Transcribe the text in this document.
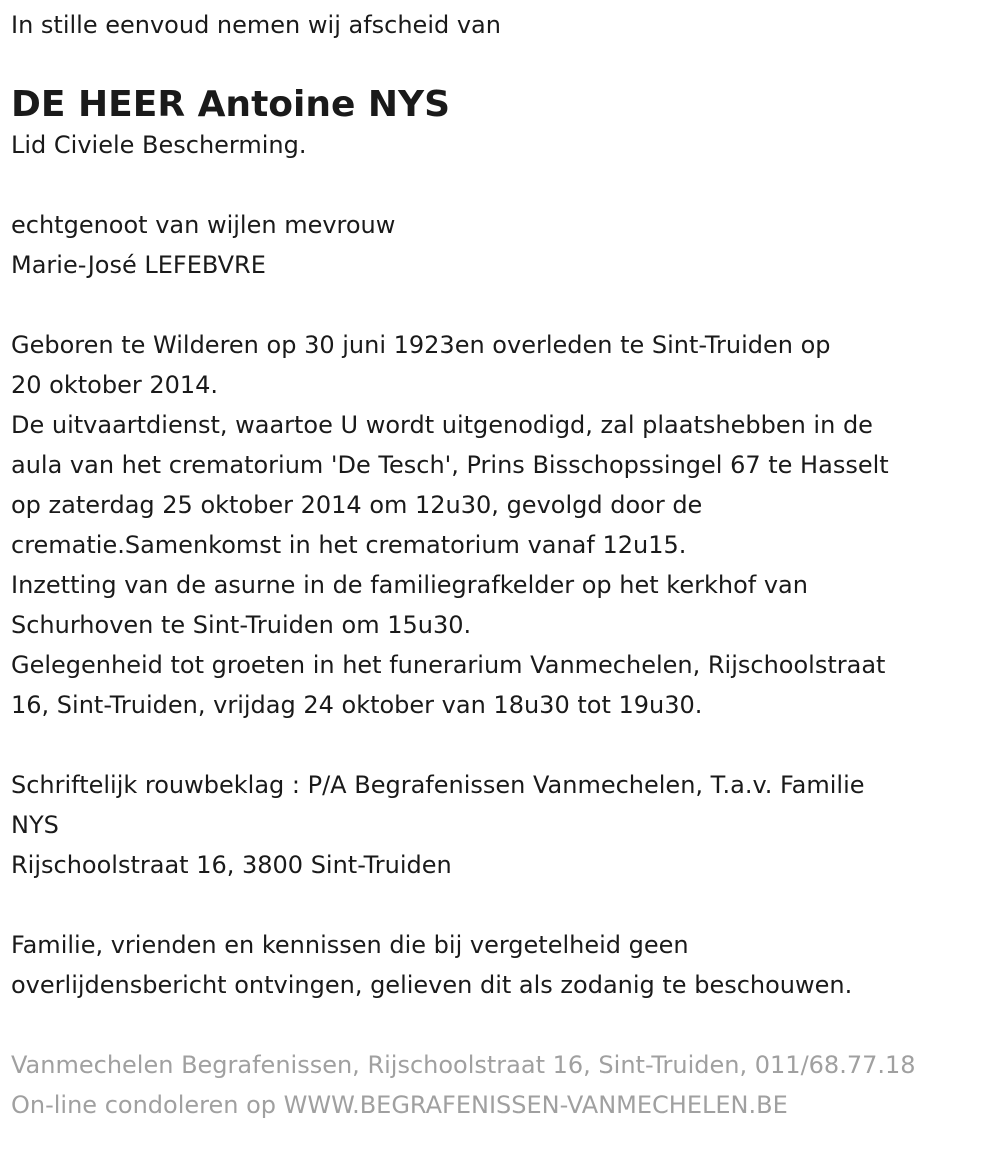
In stille eenvoud nemen wij afscheid van
DE HEER Antoine NYS
Lid Civiele Bescherming.
echtgenoot van wijlen mevrouw
Marie-José LEFEBVRE
Geboren te Wilderen op 30 juni 1923en overleden te Sint-Truiden op
20 oktober 2014.
De uitvaartdienst, waartoe U wordt uitgenodigd, zal plaatshebben in de
aula van het crematorium 'De Tesch', Prins Bisschopssingel 67 te Hasselt
op zaterdag 25 oktober 2014 om 12u30, gevolgd door de
crematie.Samenkomst in het crematorium vanaf 12u15.
Inzetting van de asurne in de familiegrafkelder op het kerkhof van
Schurhoven te Sint-Truiden om 15u30.
Gelegenheid tot groeten in het funerarium Vanmechelen, Rijschoolstraat
16, Sint-Truiden, vrijdag 24 oktober van 18u30 tot 19u30.
Schriftelijk rouwbeklag : P/A Begrafenissen Vanmechelen, T.a.v. Familie
NYS
Rijschoolstraat 16, 3800 Sint-Truiden
Familie, vrienden en kennissen die bij vergetelheid geen
overlijdensbericht ontvingen, gelieven dit als zodanig te beschouwen.
Vanmechelen Begrafenissen, Rijschoolstraat 16, Sint-Truiden, 011/68.77.18
On-line condoleren op WWW.BEGRAFENISSEN-VANMECHELEN.BE
